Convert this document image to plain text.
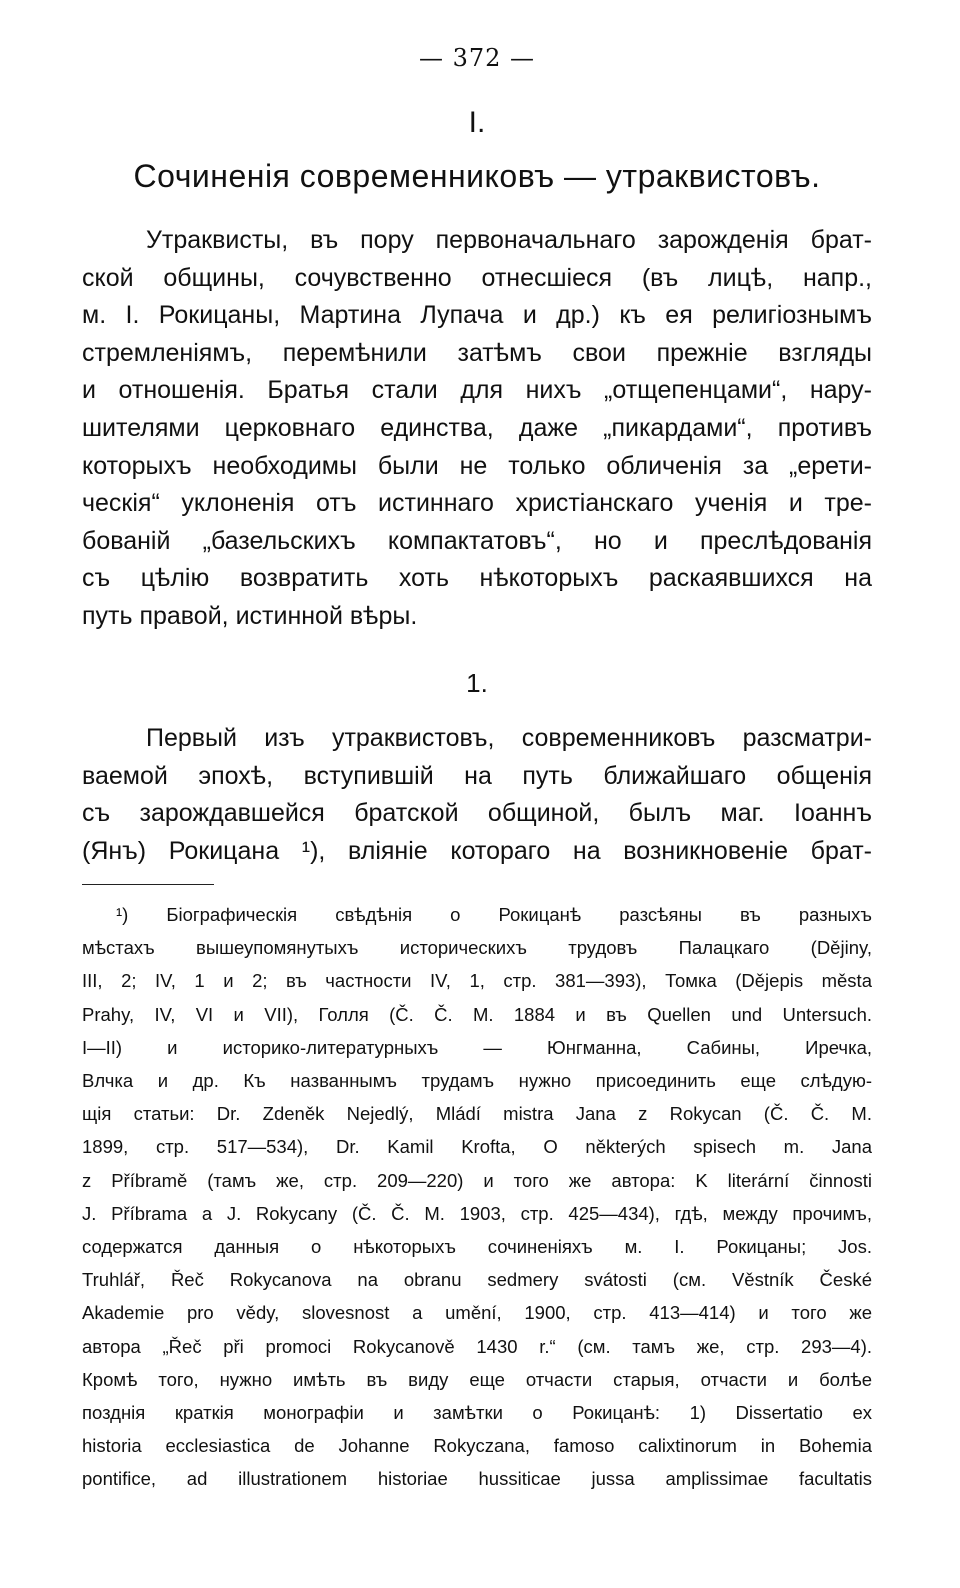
— 372 —
I.
Сочиненія современниковъ — утраквистовъ.
Утраквисты, въ пору первоначальнаго зарожденія брат-
ской общины, сочувственно отнесшіеся (въ лицѣ, напр.,
м. І. Рокицаны, Мартина Лупача и др.) къ ея религіознымъ
стремленіямъ, перемѣнили затѣмъ свои прежніе взгляды
и отношенія. Братья стали для нихъ „отщепенцами“, нару-
шителями церковнаго единства, даже „пикардами“, противъ
которыхъ необходимы были не только обличенія за „ерети-
ческія“ уклоненія отъ истиннаго христіанскаго ученія и тре-
бованій „базельскихъ компактатовъ“, но и преслѣдованія
съ цѣлію возвратить хоть нѣкоторыхъ раскаявшихся на
путь правой, истинной вѣры.
1.
Первый изъ утраквистовъ, современниковъ разсматри-
ваемой эпохѣ, вступившій на путь ближайшаго общенія
съ зарождавшейся братской общиной, былъ маг. Іоаннъ
(Янъ) Рокицана ¹), вліяніе котораго на возникновеніе брат-
¹) Біографическія свѣдѣнія о Рокицанѣ разсѣяны въ разныхъ
мѣстахъ вышеупомянутыхъ историческихъ трудовъ Палацкаго (Dějiny,
III, 2; IV, 1 и 2; въ частности IV, 1, стр. 381—393), Томка (Dějepis města
Prahy, IV, VI и VII), Голля (Č. Č. M. 1884 и въ Quellen und Untersuch.
I—II) и историко-литературныхъ — Юнгманна, Сабины, Иречка,
Влчка и др. Къ названнымъ трудамъ нужно присоединить еще слѣдую-
щія статьи: Dr. Zdeněk Nejedlý, Mládí mistra Jana z Rokycan (Č. Č. M.
1899, стр. 517—534), Dr. Kamil Krofta, O některých spisech m. Jana
z Příbramě (тамъ же, стр. 209—220) и того же автора: K literární činnosti
J. Příbrama a J. Rokycany (Č. Č. M. 1903, стр. 425—434), гдѣ, между прочимъ,
содержатся данныя о нѣкоторыхъ сочиненіяхъ м. І. Рокицаны; Jos.
Truhlář, Řeč Rokycanova na obranu sedmery svátosti (см. Věstník České
Akademie pro vědy, slovesnost a umění, 1900, стр. 413—414) и того же
автора „Řeč při promoci Rokycanově 1430 r.“ (см. тамъ же, стр. 293—4).
Кромѣ того, нужно имѣть въ виду еще отчасти старыя, отчасти и болѣе
позднія краткія монографіи и замѣтки о Рокицанѣ: 1) Dissertatio ex
historia ecclesiastica de Johanne Rokyczana, famoso calixtinorum in Bohemia
pontifice, ad illustrationem historiae hussiticae jussa amplissimae facultatis
